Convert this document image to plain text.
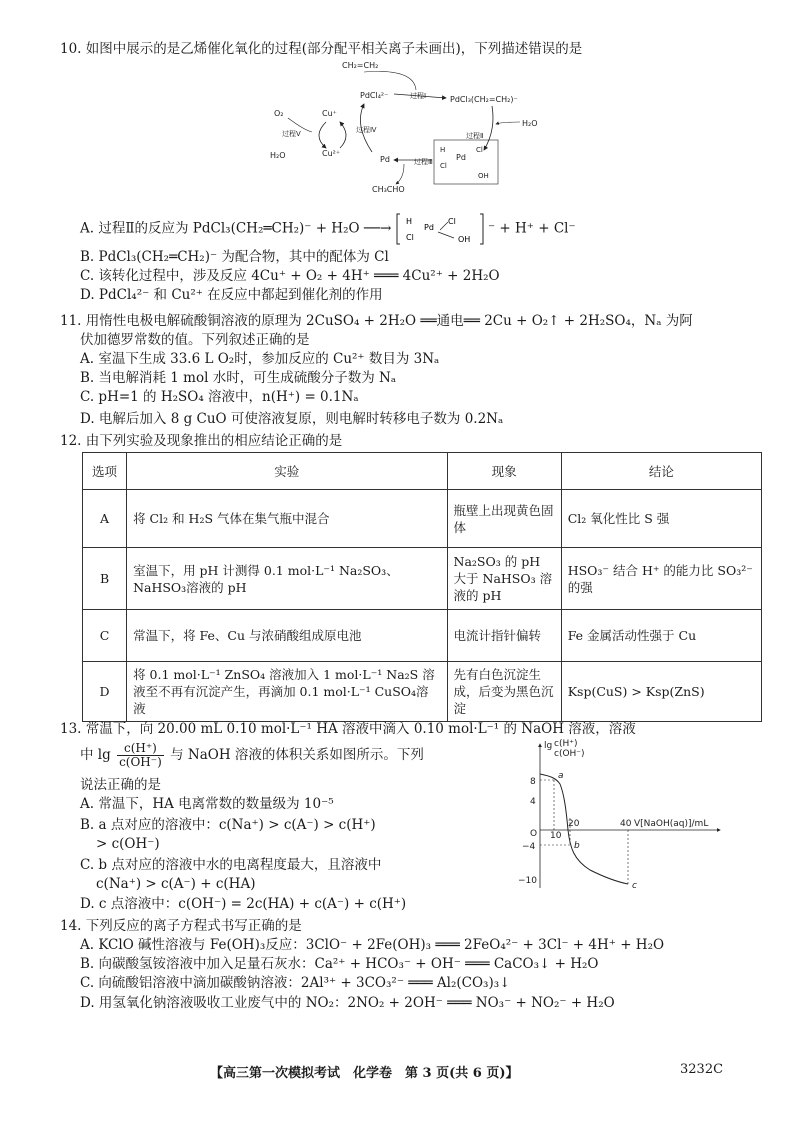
10. 如图中展示的是乙烯催化氧化的过程(部分配平相关离子未画出)，下列描述错误的是
CH₂=CH₂
PdCl₄²⁻	PdCl₃(CH₂=CH₂)⁻
过程Ⅰ
过程Ⅱ
H₂O
Pd
H
Cl
Cl
OH
过程Ⅲ
Pd
CH₃CHO
过程Ⅳ
Cu⁺
Cu²⁺
过程Ⅴ
O₂
H₂O
A. 过程Ⅱ的反应为 PdCl₃(CH₂═CH₂)⁻ + H₂O ──→ H
Pd
Cl
Cl
OH
⁻ + H⁺ + Cl⁻
B. PdCl₃(CH₂═CH₂)⁻ 为配合物，其中的配体为 Cl
C. 该转化过程中，涉及反应 4Cu⁺ + O₂ + 4H⁺ ═══ 4Cu²⁺ + 2H₂O
D. PdCl₄²⁻ 和 Cu²⁺ 在反应中都起到催化剂的作用
11. 用惰性电极电解硫酸铜溶液的原理为 2CuSO₄ + 2H₂O ══通电══ 2Cu + O₂↑ + 2H₂SO₄，Nₐ 为阿
伏加德罗常数的值。下列叙述正确的是
A. 室温下生成 33.6 L O₂时，参加反应的 Cu²⁺ 数目为 3Nₐ
B. 当电解消耗 1 mol 水时，可生成硫酸分子数为 Nₐ
C. pH=1 的 H₂SO₄ 溶液中，n(H⁺) = 0.1Nₐ
D. 电解后加入 8 g CuO 可使溶液复原，则电解时转移电子数为 0.2Nₐ
12. 由下列实验及现象推出的相应结论正确的是
选项	实验	现象	结论
A	将 Cl₂ 和 H₂S 气体在集气瓶中混合	瓶壁上出现黄色固体	Cl₂ 氧化性比 S 强
B	室温下，用 pH 计测得 0.1 mol·L⁻¹ Na₂SO₃、NaHSO₃溶液的 pH	Na₂SO₃ 的 pH 大于 NaHSO₃ 溶液的 pH	HSO₃⁻ 结合 H⁺ 的能力比 SO₃²⁻ 的强
C	常温下，将 Fe、Cu 与浓硝酸组成原电池	电流计指针偏转	Fe 金属活动性强于 Cu
D	将 0.1 mol·L⁻¹ ZnSO₄ 溶液加入 1 mol·L⁻¹ Na₂S 溶液至不再有沉淀产生，再滴加 0.1 mol·L⁻¹ CuSO₄溶液	先有白色沉淀生成，后变为黑色沉淀	Ksp(CuS) > Ksp(ZnS)
13. 常温下，向 20.00 mL 0.10 mol·L⁻¹ HA 溶液中滴入 0.10 mol·L⁻¹ 的 NaOH 溶液，溶液
中 $\lg \frac{c(H^+)}{c(OH^-)}$ 与 NaOH 溶液的体积关系如图所示。下列
说法正确的是
A. 常温下，HA 电离常数的数量级为 10⁻⁵
B. a 点对应的溶液中：c(Na⁺) > c(A⁻) > c(H⁺)
> c(OH⁻)
C. b 点对应的溶液中水的电离程度最大，且溶液中
c(Na⁺) > c(A⁻) + c(HA)
D. c 点溶液中：c(OH⁻) = 2c(HA) + c(A⁻) + c(H⁺)
lg c(H⁺)
c(OH⁻)
V[NaOH(aq)]/mL
8
4
O
−4
−10
10
20	40
a
b
c
14. 下列反应的离子方程式书写正确的是
A. KClO 碱性溶液与 Fe(OH)₃反应：3ClO⁻ + 2Fe(OH)₃ ═══ 2FeO₄²⁻ + 3Cl⁻ + 4H⁺ + H₂O
B. 向碳酸氢铵溶液中加入足量石灰水：Ca²⁺ + HCO₃⁻ + OH⁻ ═══ CaCO₃↓ + H₂O
C. 向硫酸铝溶液中滴加碳酸钠溶液：2Al³⁺ + 3CO₃²⁻ ═══ Al₂(CO₃)₃↓
D. 用氢氧化钠溶液吸收工业废气中的 NO₂：2NO₂ + 2OH⁻ ═══ NO₃⁻ + NO₂⁻ + H₂O
【高三第一次模拟考试　化学卷　第 3 页(共 6 页)】	3232C
